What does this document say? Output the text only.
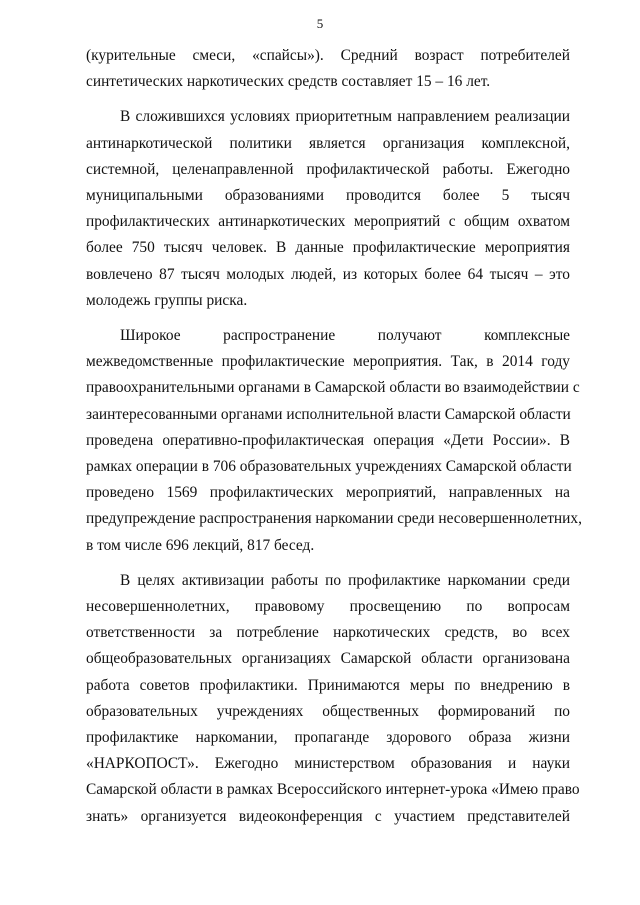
5
(курительные смеси, «спайсы»). Средний возраст потребителей
синтетических наркотических средств составляет 15 – 16 лет.
В сложившихся условиях приоритетным направлением реализации
антинаркотической политики является организация комплексной,
системной, целенаправленной профилактической работы. Ежегодно
муниципальными образованиями проводится более 5 тысяч
профилактических антинаркотических мероприятий с общим охватом
более 750 тысяч человек. В данные профилактические мероприятия
вовлечено 87 тысяч молодых людей, из которых более 64 тысяч – это
молодежь группы риска.
Широкое распространение получают комплексные
межведомственные профилактические мероприятия. Так, в 2014 году
правоохранительными органами в Самарской области во взаимодействии с
заинтересованными органами исполнительной власти Самарской области
проведена оперативно-профилактическая операция «Дети России». В
рамках операции в 706 образовательных учреждениях Самарской области
проведено 1569 профилактических мероприятий, направленных на
предупреждение распространения наркомании среди несовершеннолетних,
в том числе 696 лекций, 817 бесед.
В целях активизации работы по профилактике наркомании среди
несовершеннолетних, правовому просвещению по вопросам
ответственности за потребление наркотических средств, во всех
общеобразовательных организациях Самарской области организована
работа советов профилактики. Принимаются меры по внедрению в
образовательных учреждениях общественных формирований по
профилактике наркомании, пропаганде здорового образа жизни
«НАРКОПОСТ». Ежегодно министерством образования и науки
Самарской области в рамках Всероссийского интернет-урока «Имею право
знать» организуется видеоконференция с участием представителей
